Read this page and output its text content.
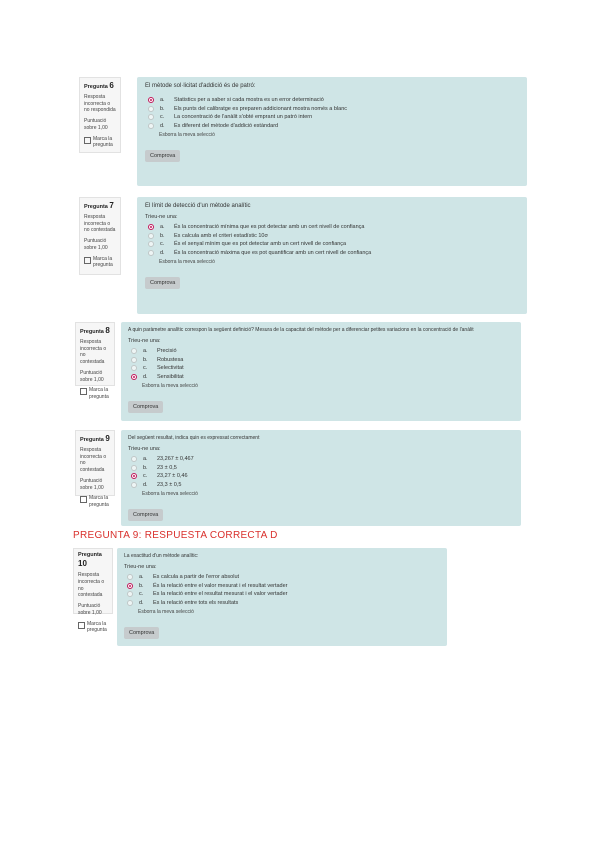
Pregunta 6
Resposta incorrecta o no respondida
Puntuació sobre 1,00
Marca la pregunta
El mètode sol·licitat d'addició és de patró:
a.	Statistics per a saber si cada mostra es un error determinació
b.	Els punts del calibratge es preparen addicionant mostra només a blanc
c.	La concentració de l'anàlit s'obté emprant un patró intern
d.	Es diferent del mètode d'addició estàndard
Esborra la meva selecció
Comprova
Pregunta 7
Resposta incorrecta o no contestada
Puntuació sobre 1,00
Marca la pregunta
El límit de detecció d'un mètode analític
Trieu-ne una:
a.	És la concentració mínima que es pot detectar amb un cert nivell de confiança
b.	Es calcula amb el criteri estadístic 10σ
c.	És el senyal mínim que es pot detectar amb un cert nivell de confiança
d.	És la concentració màxima que es pot quantificar amb un cert nivell de confiança
Esborra la meva selecció
Comprova
Pregunta 8
Resposta incorrecta o no contestada
Puntuació sobre 1,00
Marca la pregunta
A quin paràmetre analític correspon la següent definició? Mesura de la capacitat del mètode per a diferenciar petites variacions en la concentració de l'anàlit
Trieu-ne una:
a.	Precisió
b.	Robustesa
c.	Selectivitat
d.	Sensibilitat
Esborra la meva selecció
Comprova
Pregunta 9
Resposta incorrecta o no contestada
Puntuació sobre 1,00
Marca la pregunta
Del següent resultat, indica quin es expressat correctament
Trieu-ne una:
a.	23,267 ± 0,467
b.	23 ± 0,5
c.	23,27 ± 0,46
d.	23,3 ± 0,5
Esborra la meva selecció
Comprova
PREGUNTA 9: RESPUESTA CORRECTA D
Pregunta 10
Resposta incorrecta o no contestada
Puntuació sobre 1,00
Marca la pregunta
La exactitud d'un mètode analític:
Trieu-ne una:
a.	Es calcula a partir de l'error absolut
b.	És la relació entre el valor mesurat i el resultat vertader
c.	Es la relació entre el resultat mesurat i el valor vertader
d.	Es la relació entre tots els resultats
Esborra la meva selecció
Comprova
